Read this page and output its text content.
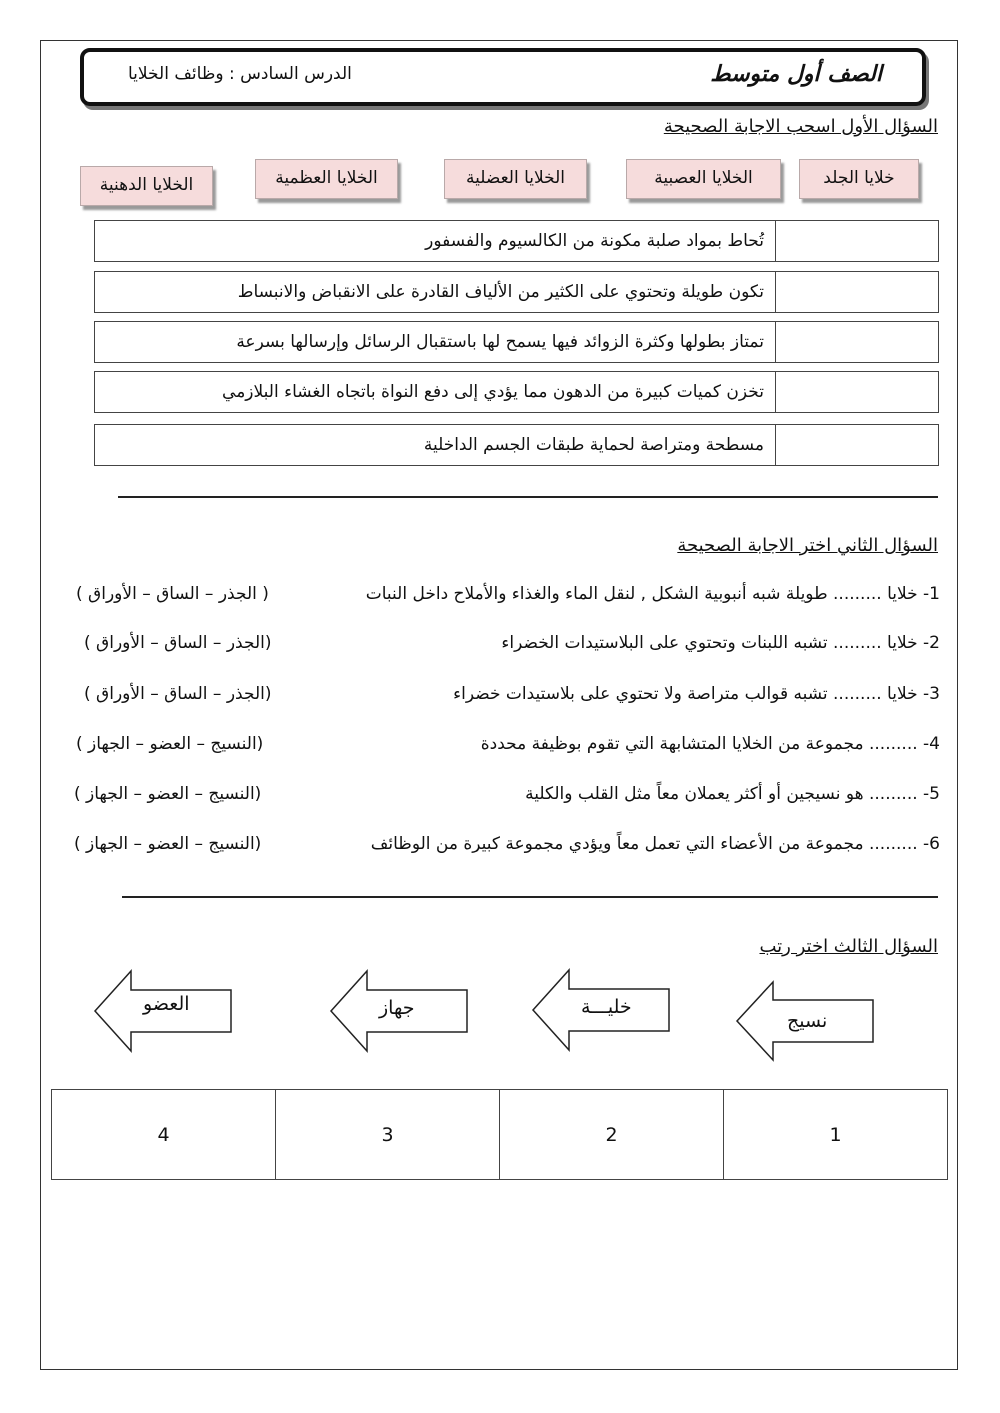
الصف أول متوسط
الدرس السادس : وظائف الخلايا
السؤال الأول اسحب الاجابة الصحيحة
خلايا الجلد
الخلايا العصبية
الخلايا العضلية
الخلايا العظمية
الخلايا الدهنية
تُحاط بمواد صلبة مكونة من الكالسيوم والفسفور
تكون طويلة وتحتوي على الكثير من الألياف القادرة على الانقباض والانبساط
تمتاز بطولها وكثرة الزوائد فيها يسمح لها باستقبال الرسائل وإرسالها بسرعة
تخزن كميات كبيرة من الدهون مما يؤدي إلى دفع النواة باتجاه الغشاء البلازمي
مسطحة ومتراصة لحماية طبقات الجسم الداخلية
السؤال الثاني اختر الاجابة الصحيحة
1- خلايا ......... طويلة شبه أنبوبية الشكل , لنقل الماء والغذاء والأملاح داخل النبات
( الجذر – الساق – الأوراق )
2- خلايا ......... تشبه اللبنات وتحتوي على البلاستيدات الخضراء
(الجذر – الساق – الأوراق )
3- خلايا ......... تشبه قوالب متراصة ولا تحتوي على بلاستيدات خضراء
(الجذر – الساق – الأوراق )
4- ......... مجموعة من الخلايا المتشابهة التي تقوم بوظيفة محددة
(النسيج – العضو – الجهاز )
5- ......... هو نسيجين أو أكثر يعملان معاً مثل القلب والكلية
(النسيج – العضو – الجهاز )
6- ......... مجموعة من الأعضاء التي تعمل معاً ويؤدي مجموعة كبيرة من الوظائف
(النسيج – العضو – الجهاز )
السؤال الثالث اختر رتب
نسيج
خليـــة
جهاز
العضو
4	3	2	1
